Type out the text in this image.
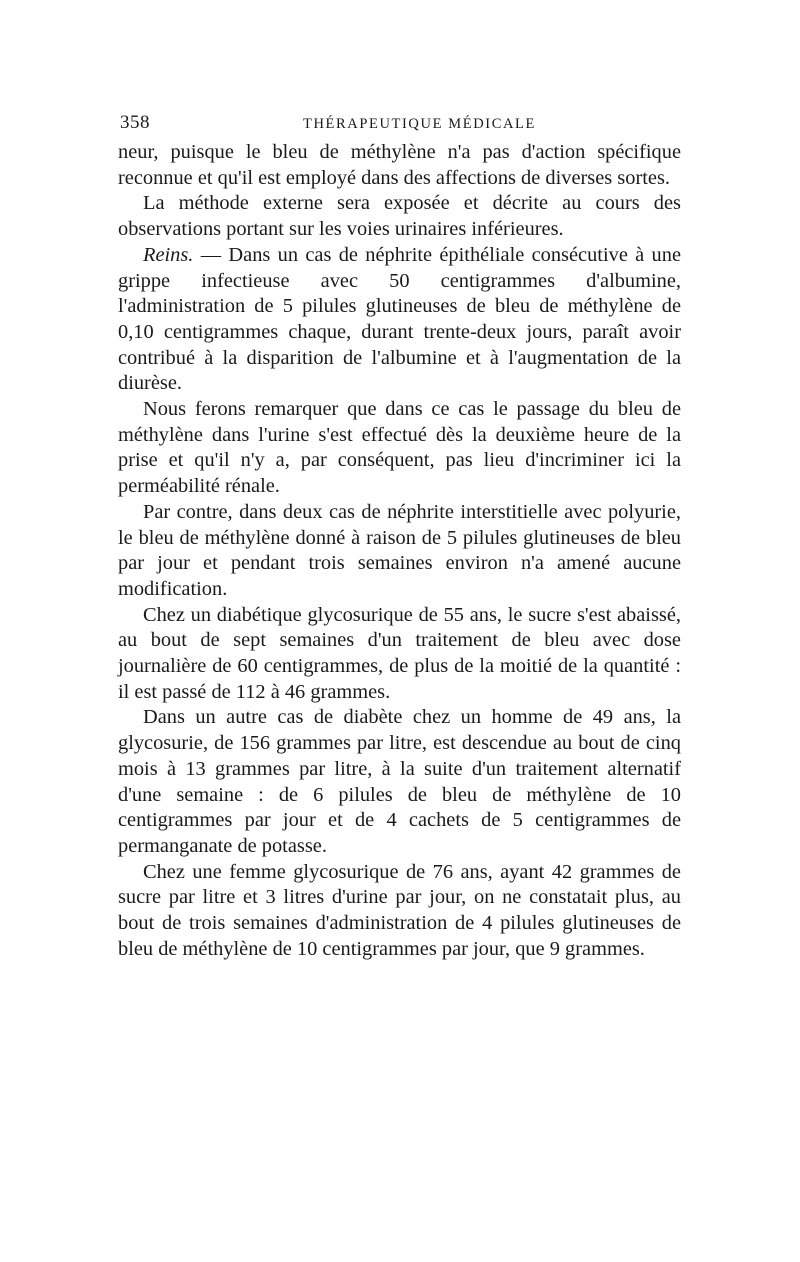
358	THÉRAPEUTIQUE MÉDICALE

neur, puisque le bleu de méthylène n'a pas d'action spécifique reconnue et qu'il est employé dans des affections de diverses sortes.

La méthode externe sera exposée et décrite au cours des observations portant sur les voies urinaires inférieures.

Reins. — Dans un cas de néphrite épithéliale consécutive à une grippe infectieuse avec 50 centigrammes d'albumine, l'administration de 5 pilules glutineuses de bleu de méthylène de 0,10 centigrammes chaque, durant trente-deux jours, paraît avoir contribué à la disparition de l'albumine et à l'augmentation de la diurèse.

Nous ferons remarquer que dans ce cas le passage du bleu de méthylène dans l'urine s'est effectué dès la deuxième heure de la prise et qu'il n'y a, par conséquent, pas lieu d'incriminer ici la perméabilité rénale.

Par contre, dans deux cas de néphrite interstitielle avec polyurie, le bleu de méthylène donné à raison de 5 pilules glutineuses de bleu par jour et pendant trois semaines environ n'a amené aucune modification.

Chez un diabétique glycosurique de 55 ans, le sucre s'est abaissé, au bout de sept semaines d'un traitement de bleu avec dose journalière de 60 centigrammes, de plus de la moitié de la quantité : il est passé de 112 à 46 grammes.

Dans un autre cas de diabète chez un homme de 49 ans, la glycosurie, de 156 grammes par litre, est descendue au bout de cinq mois à 13 grammes par litre, à la suite d'un traitement alternatif d'une semaine : de 6 pilules de bleu de méthylène de 10 centigrammes par jour et de 4 cachets de 5 centigrammes de permanganate de potasse.

Chez une femme glycosurique de 76 ans, ayant 42 grammes de sucre par litre et 3 litres d'urine par jour, on ne constatait plus, au bout de trois semaines d'administration de 4 pilules glutineuses de bleu de méthylène de 10 centigrammes par jour, que 9 grammes.
